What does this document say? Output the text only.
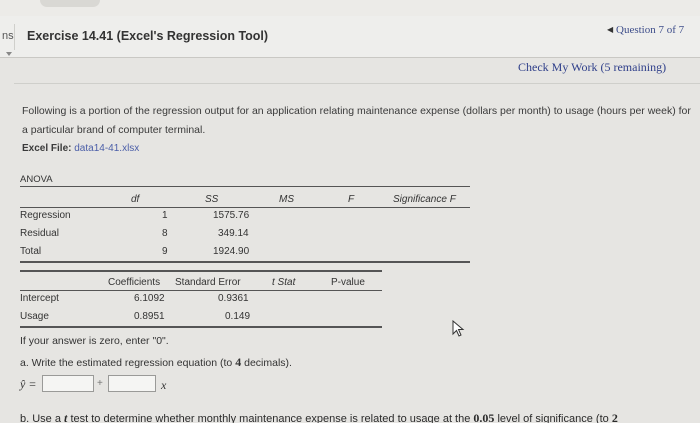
ns Exercise 14.41 (Excel's Regression Tool)	◀ Question 7 of 7
Check My Work (5 remaining)
Following is a portion of the regression output for an application relating maintenance expense (dollars per month) to usage (hours per week) for a particular brand of computer terminal.
Excel File: data14-41.xlsx
ANOVA
df	SS	MS	F	Significance F
Regression	1	1575.76
Residual	8	349.14
Total	9	1924.90
Coefficients Standard Error	t Stat	P-value
Intercept	6.1092	0.9361
Usage	0.8951	0.149
If your answer is zero, enter "0".
a. Write the estimated regression equation (to 4 decimals).
ŷ =	+	x
b. Use a t test to determine whether monthly maintenance expense is related to usage at the 0.05 level of significance (to 2
